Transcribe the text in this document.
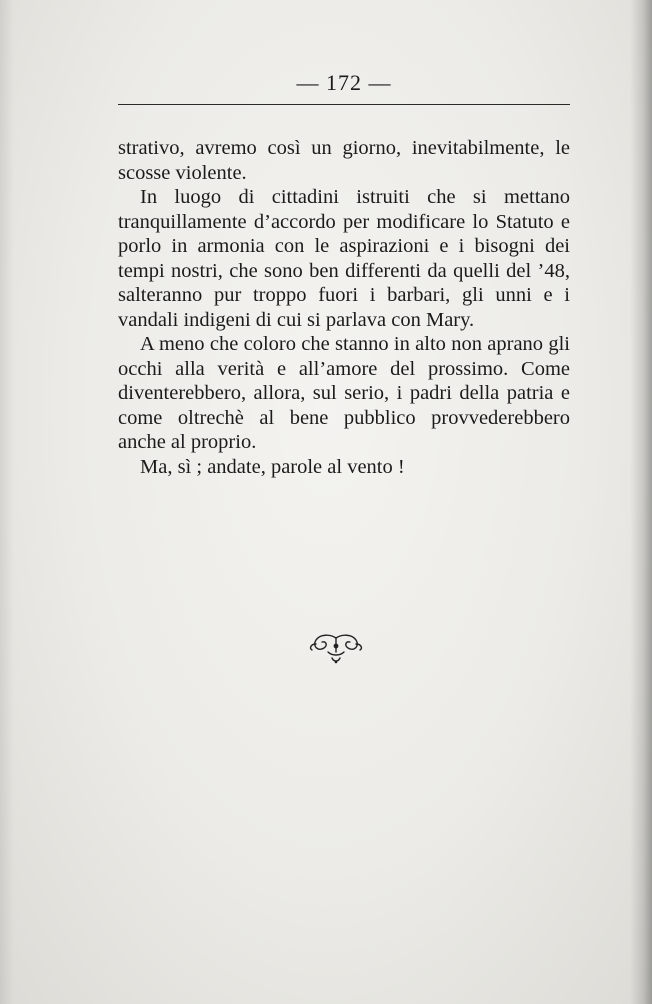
— 172 —

strativo, avremo così un giorno, inevitabilmente, le scosse violente.

In luogo di cittadini istruiti che si mettano tranquillamente d’accordo per modificare lo Statuto e porlo in armonia con le aspirazioni e i bisogni dei tempi nostri, che sono ben differenti da quelli del ’48, salteranno pur troppo fuori i barbari, gli unni e i vandali indigeni di cui si parlava con Mary.

A meno che coloro che stanno in alto non aprano gli occhi alla verità e all’amore del prossimo. Come diventerebbero, allora, sul serio, i padri della patria e come oltrechè al bene pubblico provvederebbero anche al proprio.

Ma, sì ; andate, parole al vento !
